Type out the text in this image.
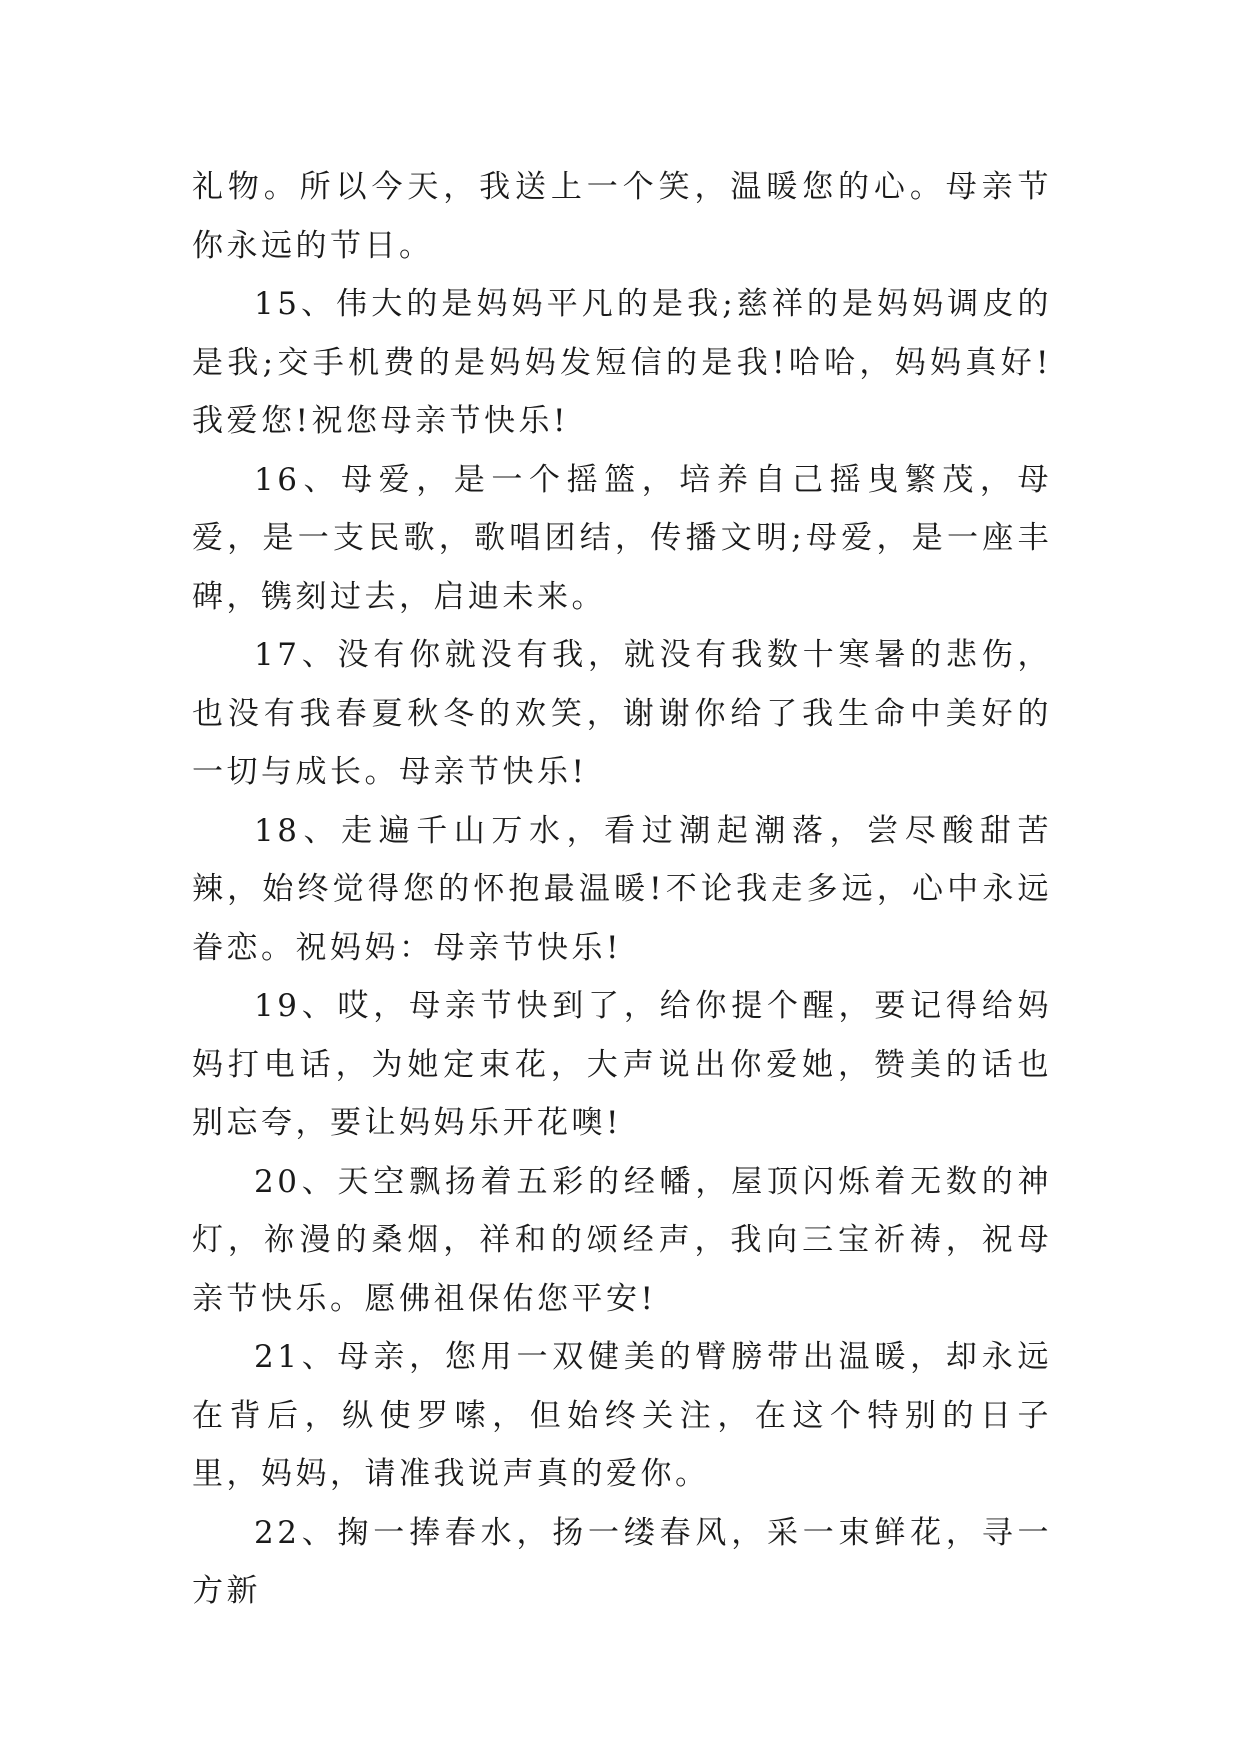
礼物。所以今天，我送上一个笑，温暖您的心。母亲节你永远的节日。

15、伟大的是妈妈平凡的是我;慈祥的是妈妈调皮的是我;交手机费的是妈妈发短信的是我!哈哈，妈妈真好!我爱您!祝您母亲节快乐!

16、母爱，是一个摇篮，培养自己摇曳繁茂，母爱，是一支民歌，歌唱团结，传播文明;母爱，是一座丰碑，镌刻过去，启迪未来。

17、没有你就没有我，就没有我数十寒暑的悲伤，也没有我春夏秋冬的欢笑，谢谢你给了我生命中美好的一切与成长。母亲节快乐!

18、走遍千山万水，看过潮起潮落，尝尽酸甜苦辣，始终觉得您的怀抱最温暖!不论我走多远，心中永远眷恋。祝妈妈：母亲节快乐!

19、哎，母亲节快到了，给你提个醒，要记得给妈妈打电话，为她定束花，大声说出你爱她，赞美的话也别忘夸，要让妈妈乐开花噢!

20、天空飘扬着五彩的经幡，屋顶闪烁着无数的神灯，祢漫的桑烟，祥和的颂经声，我向三宝祈祷，祝母亲节快乐。愿佛祖保佑您平安!

21、母亲，您用一双健美的臂膀带出温暖，却永远在背后，纵使罗嗦，但始终关注，在这个特别的日子里，妈妈，请准我说声真的爱你。

22、掬一捧春水，扬一缕春风，采一束鲜花，寻一方新
